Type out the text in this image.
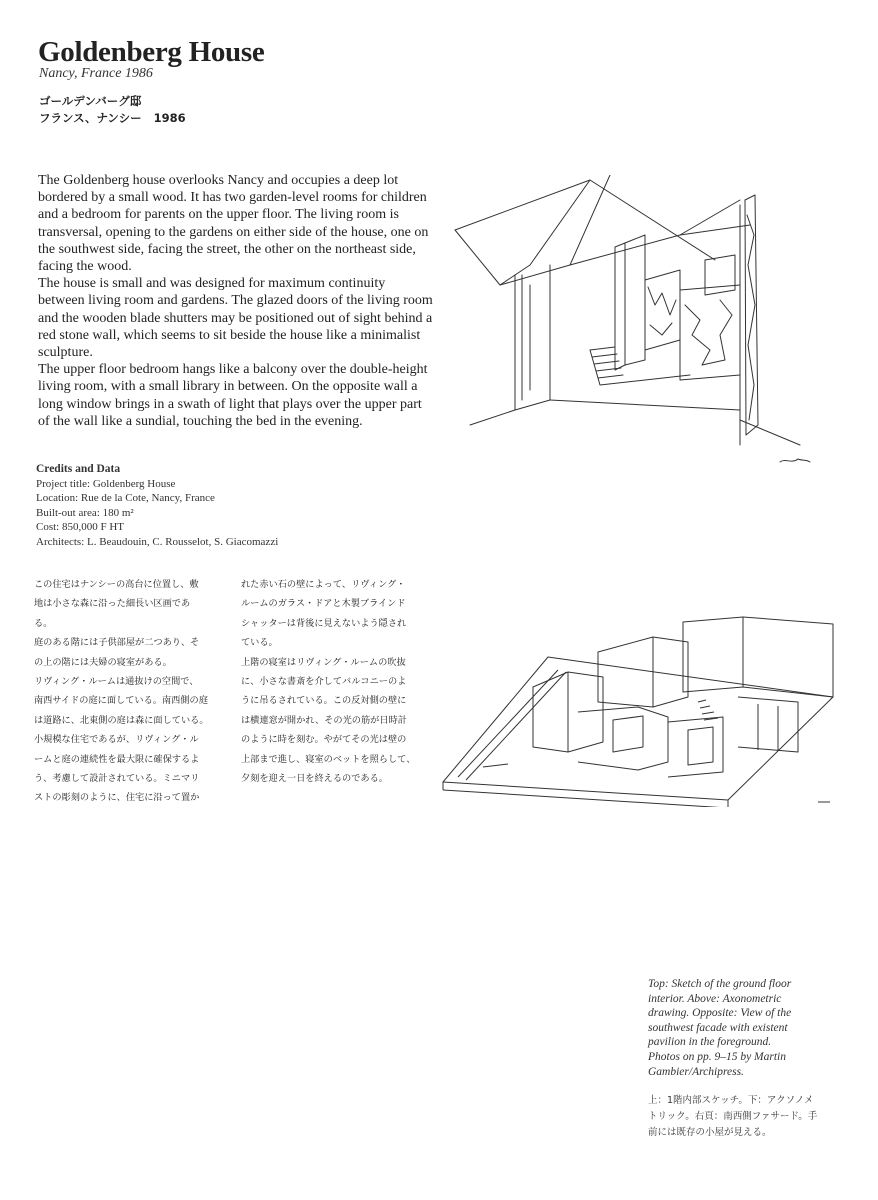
Goldenberg House
Nancy, France 1986
ゴールデンバーグ邸
フランス、ナンシー   1986

The Goldenberg house overlooks Nancy and occupies a deep lot bordered by a small wood. It has two garden-level rooms for children and a bedroom for parents on the upper floor. The living room is transversal, opening to the gardens on either side of the house, one on the southwest side, facing the street, the other on the northeast side, facing the wood.

The house is small and was designed for maximum continuity between living room and gardens. The glazed doors of the living room and the wooden blade shutters may be positioned out of sight behind a red stone wall, which seems to sit beside the house like a minimalist sculpture.

The upper floor bedroom hangs like a balcony over the double-height living room, with a small library in between. On the opposite wall a long window brings in a swath of light that plays over the upper part of the wall like a sundial, touching the bed in the evening.

Credits and Data
Project title: Goldenberg House
Location: Rue de la Cote, Nancy, France
Built-out area: 180 m²
Cost: 850,000 F HT
Architects: L. Beaudouin, C. Rousselot, S. Giacomazzi
この住宅はナンシーの高台に位置し、敷
地は小さな森に沿った細長い区画であ
る。
庭のある階には子供部屋が二つあり、そ
の上の階には夫婦の寝室がある。
リヴィング・ルームは通抜けの空間で、
南西サイドの庭に面している。南西側の庭
は道路に、北東側の庭は森に面している。
小規模な住宅であるが、リヴィング・ル
ームと庭の連続性を最大限に確保するよ
う、考慮して設計されている。ミニマリ
ストの彫刻のように、住宅に沿って置か
れた赤い石の壁によって、リヴィング・
ルームのガラス・ドアと木製ブラインド
シャッターは背後に見えないよう隠され
ている。
上階の寝室はリヴィング・ルームの吹抜
に、小さな書斎を介してバルコニーのよ
うに吊るされている。この反対側の壁に
は横連窓が開かれ、その光の筋が日時計
のように時を刻む。やがてその光は壁の
上部まで進し、寝室のベットを照らして、
夕刻を迎え一日を終えるのである。
Top: Sketch of the ground floor
interior. Above: Axonometric
drawing. Opposite: View of the
southwest facade with existent
pavilion in the foreground.
Photos on pp. 9–15 by Martin
Gambier/Archipress.
上：1階内部スケッチ。下：アクソノメ
トリック。右頁：南西側ファサード。手
前には既存の小屋が見える。
